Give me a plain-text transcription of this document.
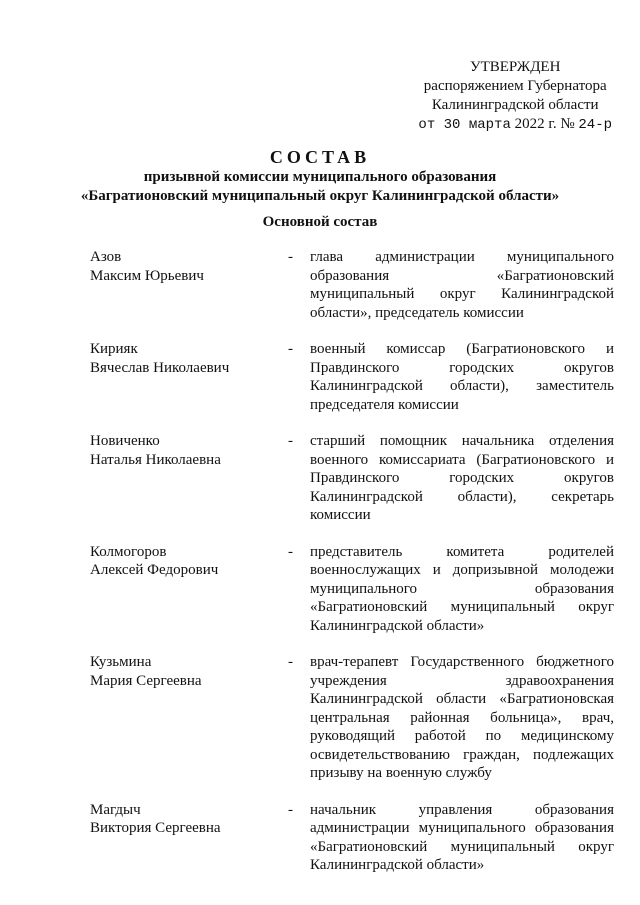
УТВЕРЖДЕН
распоряжением Губернатора
Калининградской области
от 30 марта 2022 г. № 24-р
СОСТАВ
призывной комиссии муниципального образования
«Багратионовский муниципальный округ Калининградской области»
Основной состав
Азов
Максим Юрьевич
-	глава администрации муниципального образования «Багратионовский муниципальный округ Калининградской области», председатель комиссии
Кирияк
Вячеслав Николаевич
-	военный комиссар (Багратионовского и Правдинского городских округов Калининградской области), заместитель председателя комиссии
Новиченко
Наталья Николаевна
-	старший помощник начальника отделения военного комиссариата (Багратионовского и Правдинского городских округов Калининградской области), секретарь комиссии
Колмогоров
Алексей Федорович
-	представитель комитета родителей военнослужащих и допризывной молодежи муниципального образования «Багратионовский муниципальный округ Калининградской области»
Кузьмина
Мария Сергеевна
-	врач-терапевт Государственного бюджетного учреждения здравоохранения Калининградской области «Багратионовская центральная районная больница», врач, руководящий работой по медицинскому освидетельствованию граждан, подлежащих призыву на военную службу
Магдыч
Виктория Сергеевна
-	начальник управления образования администрации муниципального образования «Багратионовский муниципальный округ Калининградской области»
